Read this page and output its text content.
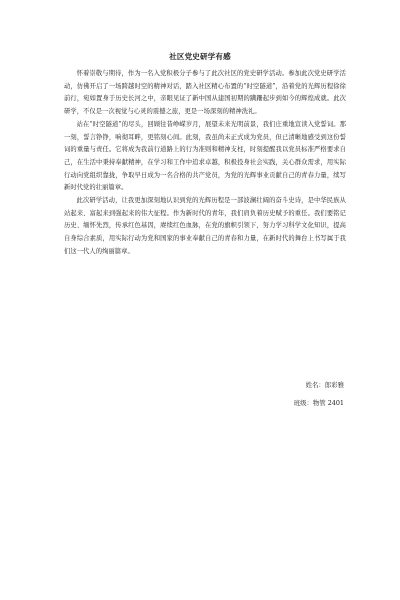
社区党史研学有感

怀着崇敬与期待，作为一名入党积极分子参与了此次社区的党史研学活动。参加此次党史研学活动，仿佛开启了一场跨越时空的精神对话，踏入社区精心布置的“时空隧道”，沿着党的光辉历程徐徐前行，宛如置身于历史长河之中，亲眼见证了新中国从建国初期的蹒跚起步到如今的辉煌成就。此次研学，不仅是一次视觉与心灵的震撼之旅，更是一场深刻的精神洗礼。

站在“时空隧道”的尽头，回顾往昔峥嵘岁月，展望未来光明前景，我们庄重地宣读入党誓词。那一刻，誓言铮铮，响彻耳畔，更铭刻心间。此刻，我虽尚未正式成为党员，但已清晰地感受到这份誓词的重量与责任。它将成为我前行道路上的行为准则和精神支柱，时刻提醒我以党员标准严格要求自己，在生活中秉持奉献精神，在学习和工作中追求卓越，积极投身社会实践，关心群众需求，用实际行动向党组织靠拢，争取早日成为一名合格的共产党员，为党的光辉事业贡献自己的青春力量，续写新时代党的壮丽篇章。

此次研学活动，让我更加深刻地认识到党的光辉历程是一部波澜壮阔的奋斗史诗，是中华民族从站起来、富起来到强起来的伟大征程。作为新时代的青年，我们肩负着历史赋予的重任。我们要铭记历史、缅怀先烈，传承红色基因，赓续红色血脉，在党的旗帜引领下，努力学习科学文化知识，提高自身综合素质，用实际行动为党和国家的事业奉献自己的青春和力量，在新时代的舞台上书写属于我们这一代人的绚丽篇章。

姓名：郎彩雅
班级：物管 2401
